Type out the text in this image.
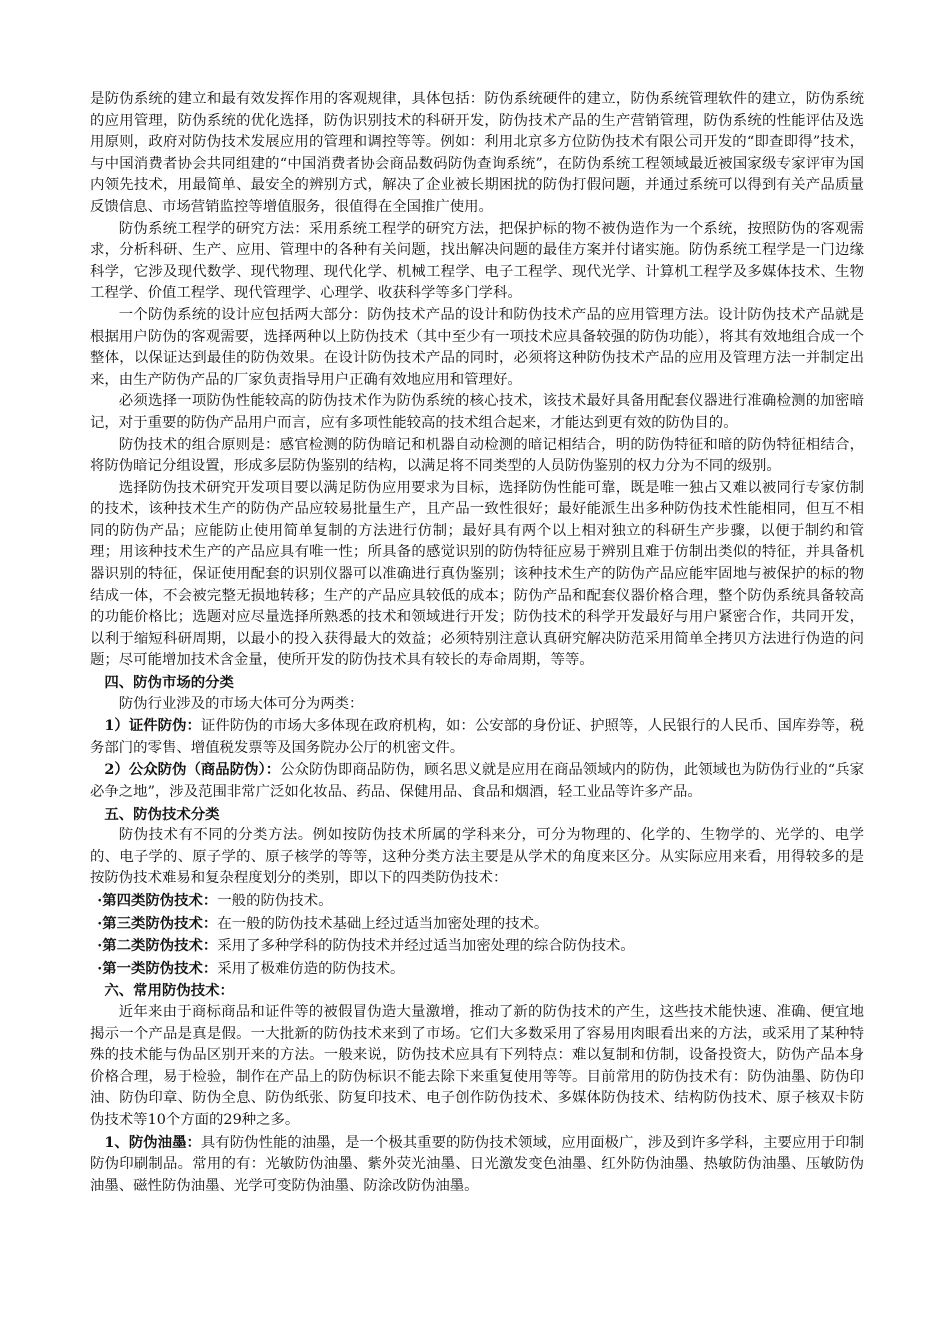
是防伪系统的建立和最有效发挥作用的客观规律，具体包括：防伪系统硬件的建立，防伪系统管理软件的建立，防伪系统的应用管理，防伪系统的优化选择，防伪识别技术的科研开发，防伪技术产品的生产营销管理，防伪系统的性能评估及选用原则，政府对防伪技术发展应用的管理和调控等等。例如：利用北京多方位防伪技术有限公司开发的“即查即得”技术，与中国消费者协会共同组建的“中国消费者协会商品数码防伪查询系统”，在防伪系统工程领域最近被国家级专家评审为国内领先技术，用最简单、最安全的辨别方式，解决了企业被长期困扰的防伪打假问题，并通过系统可以得到有关产品质量反馈信息、市场营销监控等增值服务，很值得在全国推广使用。

防伪系统工程学的研究方法：采用系统工程学的研究方法，把保护标的物不被伪造作为一个系统，按照防伪的客观需求，分析科研、生产、应用、管理中的各种有关问题，找出解决问题的最佳方案并付诸实施。防伪系统工程学是一门边缘科学，它涉及现代数学、现代物理、现代化学、机械工程学、电子工程学、现代光学、计算机工程学及多媒体技术、生物工程学、价值工程学、现代管理学、心理学、收获科学等多门学科。

一个防伪系统的设计应包括两大部分：防伪技术产品的设计和防伪技术产品的应用管理方法。设计防伪技术产品就是根据用户防伪的客观需要，选择两种以上防伪技术（其中至少有一项技术应具备较强的防伪功能），将其有效地组合成一个整体，以保证达到最佳的防伪效果。在设计防伪技术产品的同时，必须将这种防伪技术产品的应用及管理方法一并制定出来，由生产防伪产品的厂家负责指导用户正确有效地应用和管理好。

必须选择一项防伪性能较高的防伪技术作为防伪系统的核心技术，该技术最好具备用配套仪器进行准确检测的加密暗记，对于重要的防伪产品用户而言，应有多项性能较高的技术组合起来，才能达到更有效的防伪目的。

防伪技术的组合原则是：感官检测的防伪暗记和机器自动检测的暗记相结合，明的防伪特征和暗的防伪特征相结合，将防伪暗记分组设置，形成多层防伪鉴别的结构，以满足将不同类型的人员防伪鉴别的权力分为不同的级别。

选择防伪技术研究开发项目要以满足防伪应用要求为目标，选择防伪性能可靠，既是唯一独占又难以被同行专家仿制的技术，该种技术生产的防伪产品应较易批量生产，且产品一致性很好；最好能派生出多种防伪技术性能相同，但互不相同的防伪产品；应能防止使用简单复制的方法进行仿制；最好具有两个以上相对独立的科研生产步骤，以便于制约和管理；用该种技术生产的产品应具有唯一性；所具备的感觉识别的防伪特征应易于辨别且难于仿制出类似的特征，并具备机器识别的特征，保证使用配套的识别仪器可以准确进行真伪鉴别；该种技术生产的防伪产品应能牢固地与被保护的标的物结成一体，不会被完整无损地转移；生产的产品应具较低的成本；防伪产品和配套仪器价格合理，整个防伪系统具备较高的功能价格比；选题对应尽量选择所熟悉的技术和领域进行开发；防伪技术的科学开发最好与用户紧密合作，共同开发，以利于缩短科研周期，以最小的投入获得最大的效益；必须特别注意认真研究解决防范采用简单全拷贝方法进行伪造的问题；尽可能增加技术含金量，使所开发的防伪技术具有较长的寿命周期，等等。

四、防伪市场的分类

防伪行业涉及的市场大体可分为两类：

1）证件防伪：证件防伪的市场大多体现在政府机构，如：公安部的身份证、护照等，人民银行的人民币、国库券等，税务部门的零售、增值税发票等及国务院办公厅的机密文件。

2）公众防伪（商品防伪）：公众防伪即商品防伪，顾名思义就是应用在商品领域内的防伪，此领域也为防伪行业的“兵家必争之地”，涉及范围非常广泛如化妆品、药品、保健用品、食品和烟酒，轻工业品等许多产品。

五、防伪技术分类

防伪技术有不同的分类方法。例如按防伪技术所属的学科来分，可分为物理的、化学的、生物学的、光学的、电学的、电子学的、原子学的、原子核学的等等，这种分类方法主要是从学术的角度来区分。从实际应用来看，用得较多的是按防伪技术难易和复杂程度划分的类别，即以下的四类防伪技术：

·第四类防伪技术：一般的防伪技术。

·第三类防伪技术：在一般的防伪技术基础上经过适当加密处理的技术。

·第二类防伪技术：采用了多种学科的防伪技术并经过适当加密处理的综合防伪技术。

·第一类防伪技术：采用了极难仿造的防伪技术。

六、常用防伪技术：

近年来由于商标商品和证件等的被假冒伪造大量激增，推动了新的防伪技术的产生，这些技术能快速、准确、便宜地揭示一个产品是真是假。一大批新的防伪技术来到了市场。它们大多数采用了容易用肉眼看出来的方法，或采用了某种特殊的技术能与伪品区别开来的方法。一般来说，防伪技术应具有下列特点：难以复制和仿制，设备投资大，防伪产品本身价格合理，易于检验，制作在产品上的防伪标识不能去除下来重复使用等等。目前常用的防伪技术有：防伪油墨、防伪印油、防伪印章、防伪全息、防伪纸张、防复印技术、电子创作防伪技术、多媒体防伪技术、结构防伪技术、原子核双卡防伪技术等10个方面的29种之多。

1、防伪油墨：具有防伪性能的油墨，是一个极其重要的防伪技术领域，应用面极广，涉及到许多学科，主要应用于印制防伪印刷制品。常用的有：光敏防伪油墨、紫外荧光油墨、日光激发变色油墨、红外防伪油墨、热敏防伪油墨、压敏防伪油墨、磁性防伪油墨、光学可变防伪油墨、防涂改防伪油墨。
